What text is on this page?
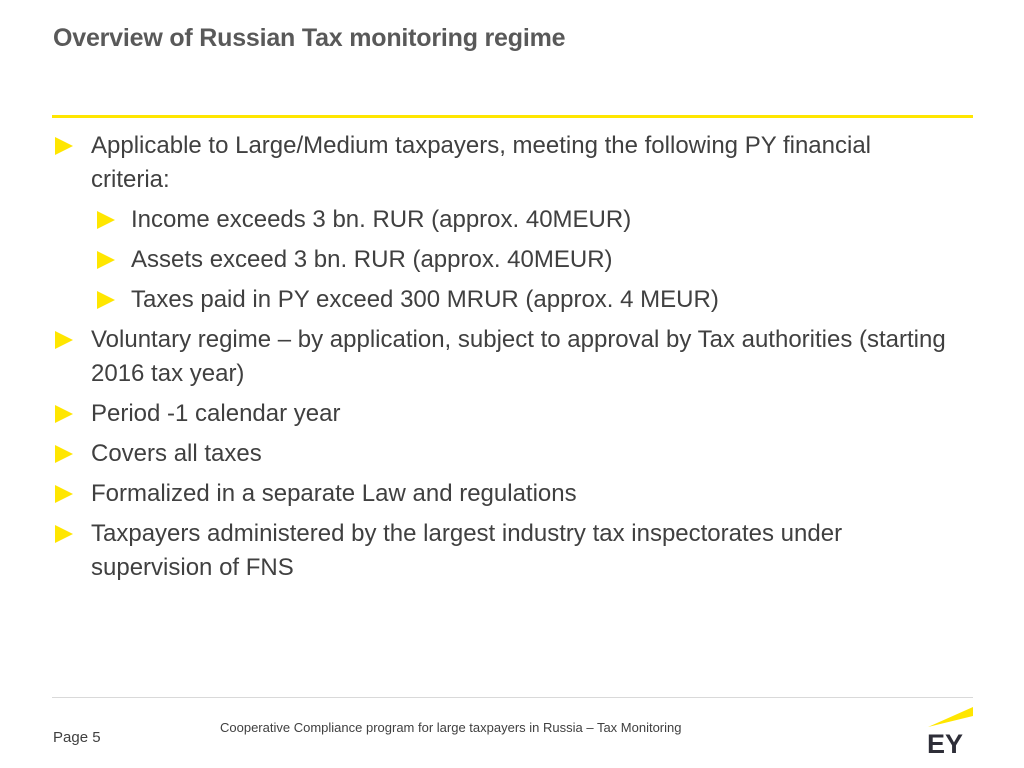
Overview of Russian Tax monitoring regime
Applicable to Large/Medium taxpayers, meeting the following PY financial criteria:
Income exceeds 3 bn. RUR (approx. 40MEUR)
Assets exceed 3 bn. RUR (approx. 40MEUR)
Taxes paid in PY exceed 300 MRUR (approx. 4 MEUR)
Voluntary regime – by application, subject to approval by Tax authorities (starting 2016 tax year)
Period -1 calendar year
Covers all taxes
Formalized in a separate Law and regulations
Taxpayers administered by the largest industry tax inspectorates under supervision of FNS
Page 5
Cooperative Compliance program for large taxpayers in Russia – Tax Monitoring
EY
